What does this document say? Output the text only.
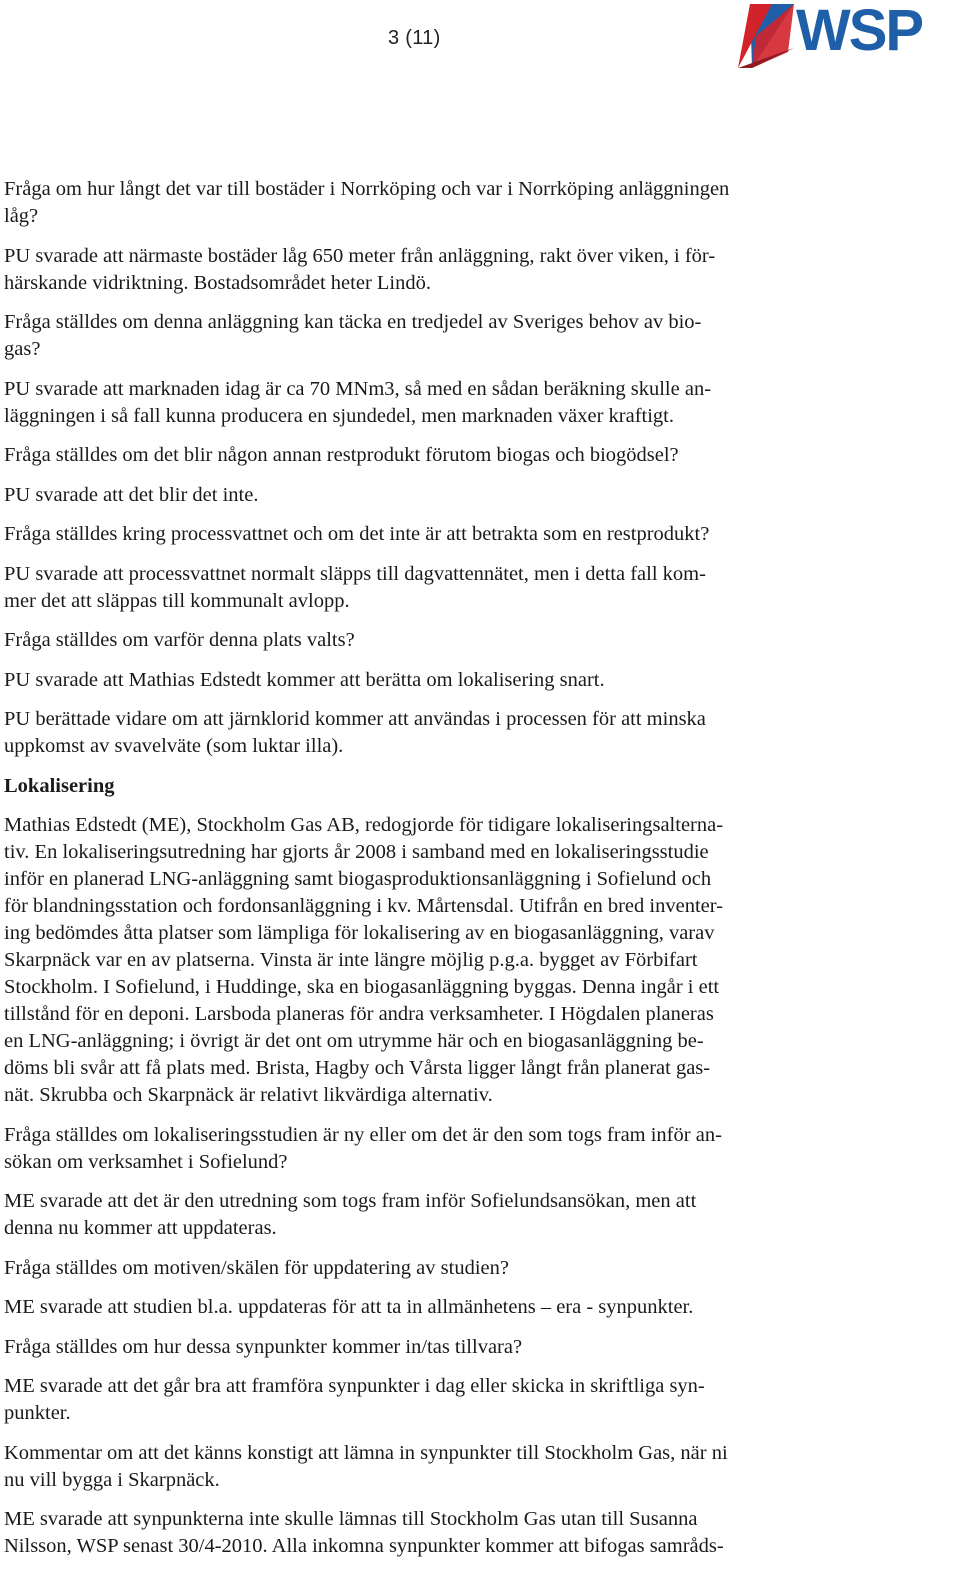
3 (11)	WSP

Fråga om hur långt det var till bostäder i Norrköping och var i Norrköping anläggningen
låg?

PU svarade att närmaste bostäder låg 650 meter från anläggning, rakt över viken, i för-
härskande vidriktning. Bostadsområdet heter Lindö.

Fråga ställdes om denna anläggning kan täcka en tredjedel av Sveriges behov av bio-
gas?

PU svarade att marknaden idag är ca 70 MNm3, så med en sådan beräkning skulle an-
läggningen i så fall kunna producera en sjundedel, men marknaden växer kraftigt.

Fråga ställdes om det blir någon annan restprodukt förutom biogas och biogödsel?

PU svarade att det blir det inte.

Fråga ställdes kring processvattnet och om det inte är att betrakta som en restprodukt?

PU svarade att processvattnet normalt släpps till dagvattennätet, men i detta fall kom-
mer det att släppas till kommunalt avlopp.

Fråga ställdes om varför denna plats valts?

PU svarade att Mathias Edstedt kommer att berätta om lokalisering snart.

PU berättade vidare om att järnklorid kommer att användas i processen för att minska
uppkomst av svavelväte (som luktar illa).

Lokalisering

Mathias Edstedt (ME), Stockholm Gas AB, redogjorde för tidigare lokaliseringsalterna-
tiv. En lokaliseringsutredning har gjorts år 2008 i samband med en lokaliseringsstudie
inför en planerad LNG-anläggning samt biogasproduktionsanläggning i Sofielund och
för blandningsstation och fordonsanläggning i kv. Mårtensdal. Utifrån en bred inventer-
ing bedömdes åtta platser som lämpliga för lokalisering av en biogasanläggning, varav
Skarpnäck var en av platserna. Vinsta är inte längre möjlig p.g.a. bygget av Förbifart
Stockholm. I Sofielund, i Huddinge, ska en biogasanläggning byggas. Denna ingår i ett
tillstånd för en deponi. Larsboda planeras för andra verksamheter. I Högdalen planeras
en LNG-anläggning; i övrigt är det ont om utrymme här och en biogasanläggning be-
döms bli svår att få plats med. Brista, Hagby och Vårsta ligger långt från planerat gas-
nät. Skrubba och Skarpnäck är relativt likvärdiga alternativ.

Fråga ställdes om lokaliseringsstudien är ny eller om det är den som togs fram inför an-
sökan om verksamhet i Sofielund?

ME svarade att det är den utredning som togs fram inför Sofielundsansökan, men att
denna nu kommer att uppdateras.

Fråga ställdes om motiven/skälen för uppdatering av studien?

ME svarade att studien bl.a. uppdateras för att ta in allmänhetens – era - synpunkter.

Fråga ställdes om hur dessa synpunkter kommer in/tas tillvara?

ME svarade att det går bra att framföra synpunkter i dag eller skicka in skriftliga syn-
punkter.

Kommentar om att det känns konstigt att lämna in synpunkter till Stockholm Gas, när ni
nu vill bygga i Skarpnäck.

ME svarade att synpunkterna inte skulle lämnas till Stockholm Gas utan till Susanna
Nilsson, WSP senast 30/4-2010. Alla inkomna synpunkter kommer att bifogas samråds-
